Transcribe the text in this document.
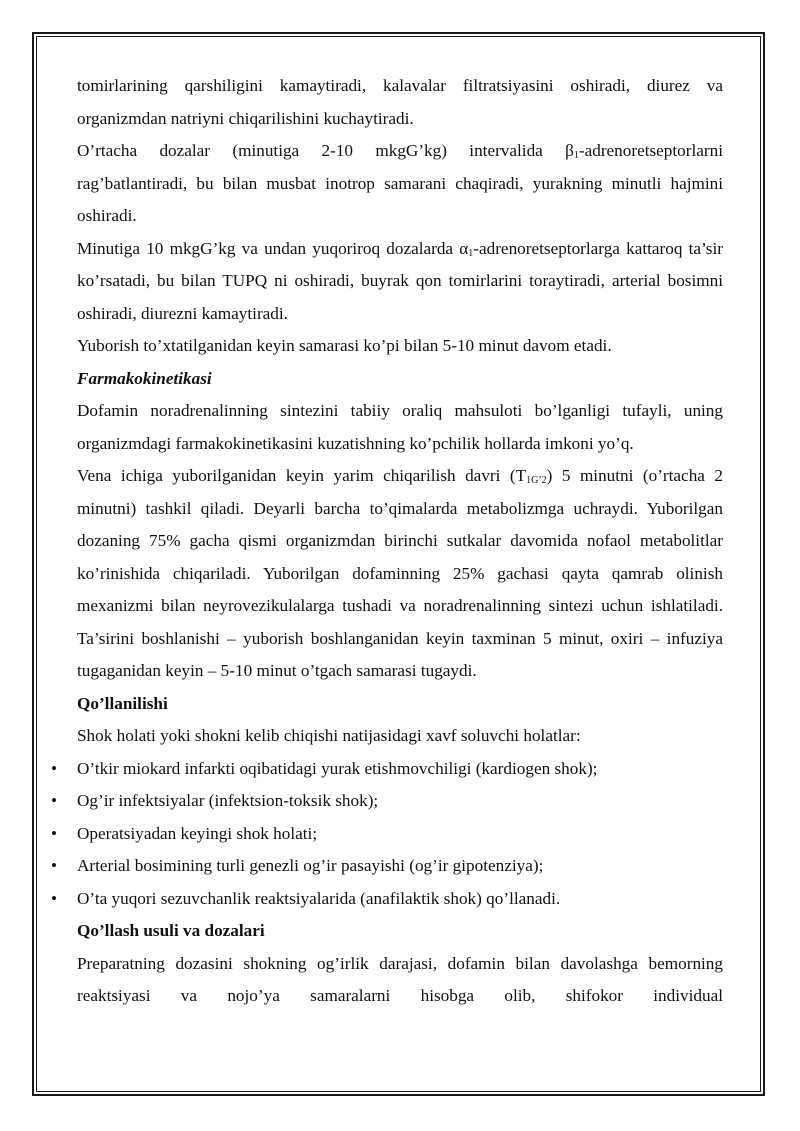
tomirlarining qarshiligini kamaytiradi, kalavalar filtratsiyasini oshiradi, diurez va organizmdan natriyni chiqarilishini kuchaytiradi.

O’rtacha dozalar (minutiga 2-10 mkgG’kg) intervalida $\beta_1$-adrenoretseptorlarni rag’batlantiradi, bu bilan musbat inotrop samarani chaqiradi, yurakning minutli hajmini oshiradi.

Minutiga 10 mkgG’kg va undan yuqoriroq dozalarda $\alpha_1$-adrenoretseptorlarga kattaroq ta’sir ko’rsatadi, bu bilan TUPQ ni oshiradi, buyrak qon tomirlarini toraytiradi, arterial bosimni oshiradi, diurezni kamaytiradi.

Yuborish to’xtatilganidan keyin samarasi ko’pi bilan 5-10 minut davom etadi.

Farmakokinetikasi

Dofamin noradrenalinning sintezini tabiiy oraliq mahsuloti bo’lganligi tufayli, uning organizmdagi farmakokinetikasini kuzatishning ko’pchilik hollarda imkoni yo’q.

Vena ichiga yuborilganidan keyin yarim chiqarilish davri $(T_{1G’2})$ 5 minutni (o’rtacha 2 minutni) tashkil qiladi. Deyarli barcha to’qimalarda metabolizmga uchraydi. Yuborilgan dozaning 75% gacha qismi organizmdan birinchi sutkalar davomida nofaol metabolitlar ko’rinishida chiqariladi. Yuborilgan dofaminning 25% gachasi qayta qamrab olinish mexanizmi bilan neyrovezikulalarga tushadi va noradrenalinning sintezi uchun ishlatiladi. Ta’sirini boshlanishi – yuborish boshlanganidan keyin taxminan 5 minut, oxiri – infuziya tugaganidan keyin – 5-10 minut o’tgach samarasi tugaydi.

Qo’llanilishi

Shok holati yoki shokni kelib chiqishi natijasidagi xavf soluvchi holatlar:

• O’tkir miokard infarkti oqibatidagi yurak etishmovchiligi (kardiogen shok);
• Og’ir infektsiyalar (infektsion-toksik shok);
• Operatsiyadan keyingi shok holati;
• Arterial bosimining turli genezli og’ir pasayishi (og’ir gipotenziya);
• O’ta yuqori sezuvchanlik reaktsiyalarida (anafilaktik shok) qo’llanadi.

Qo’llash usuli va dozalari

Preparatning dozasini shokning og’irlik darajasi, dofamin bilan davolashga bemorning reaktsiyasi va nojo’ya samaralarni hisobga olib, shifokor individual
